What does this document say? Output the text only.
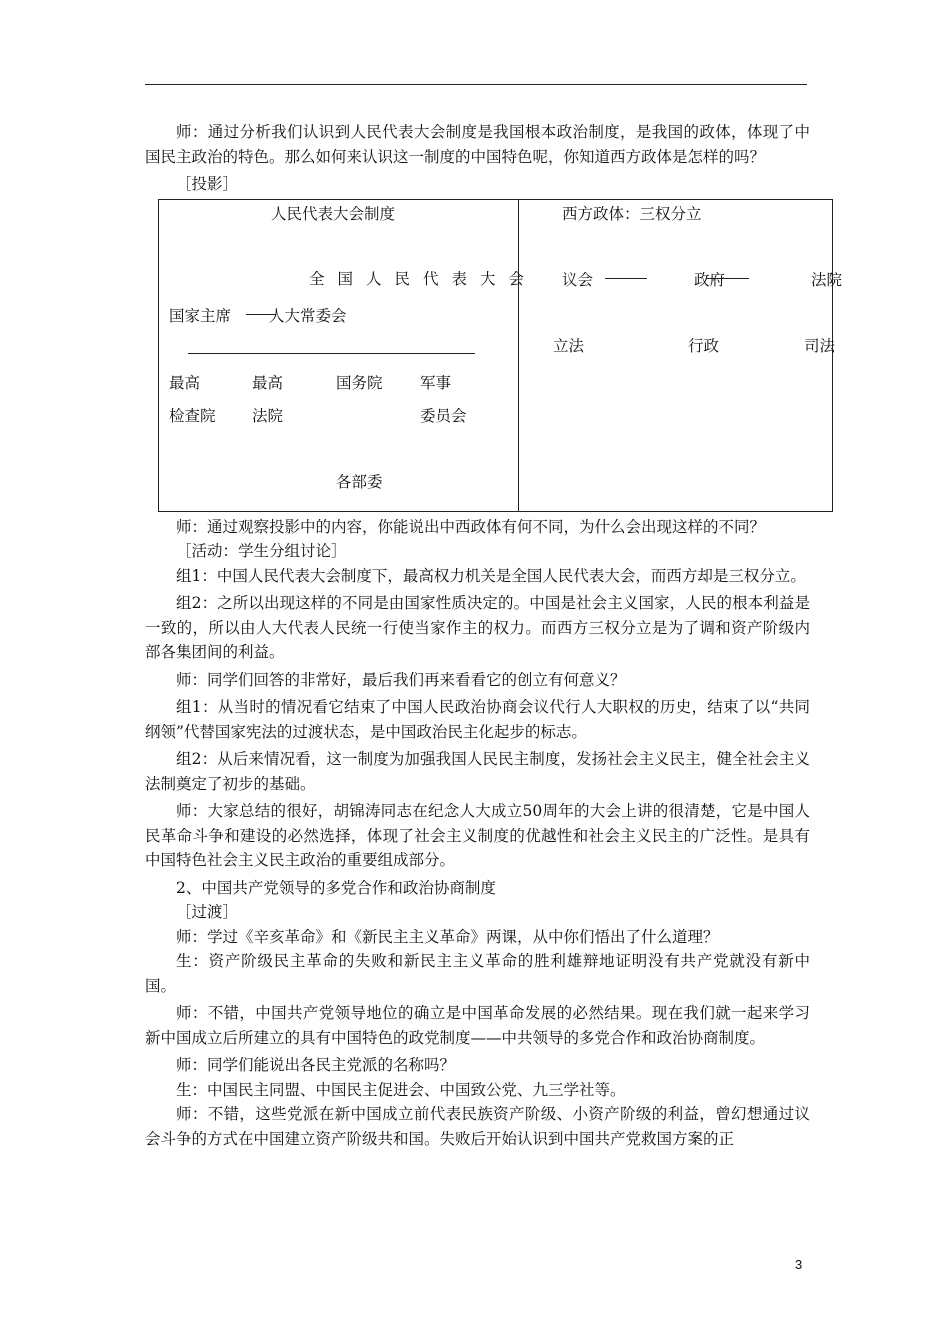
师：通过分析我们认识到人民代表大会制度是我国根本政治制度，是我国的政体，体现了中国民主政治的特色。那么如何来认识这一制度的中国特色呢，你知道西方政体是怎样的吗？

［投影］

人民代表大会制度
全国人民代表大会
国家主席 人大常委会
最高
检查院
最高
法院
国务院 军事
委员会
各部委
西方政体：三权分立
议会	政府	法院
立法	行政	司法

师：通过观察投影中的内容，你能说出中西政体有何不同，为什么会出现这样的不同？

［活动：学生分组讨论］

组1：中国人民代表大会制度下，最高权力机关是全国人民代表大会，而西方却是三权分立。

组2：之所以出现这样的不同是由国家性质决定的。中国是社会主义国家，人民的根本利益是一致的，所以由人大代表人民统一行使当家作主的权力。而西方三权分立是为了调和资产阶级内部各集团间的利益。

师：同学们回答的非常好，最后我们再来看看它的创立有何意义？

组1：从当时的情况看它结束了中国人民政治协商会议代行人大职权的历史，结束了以“共同纲领”代替国家宪法的过渡状态，是中国政治民主化起步的标志。

组2：从后来情况看，这一制度为加强我国人民民主制度，发扬社会主义民主，健全社会主义法制奠定了初步的基础。

师：大家总结的很好，胡锦涛同志在纪念人大成立50周年的大会上讲的很清楚，它是中国人民革命斗争和建设的必然选择，体现了社会主义制度的优越性和社会主义民主的广泛性。是具有中国特色社会主义民主政治的重要组成部分。

2、中国共产党领导的多党合作和政治协商制度

［过渡］

师：学过《辛亥革命》和《新民主主义革命》两课，从中你们悟出了什么道理？

生：资产阶级民主革命的失败和新民主主义革命的胜利雄辩地证明没有共产党就没有新中国。

师：不错，中国共产党领导地位的确立是中国革命发展的必然结果。现在我们就一起来学习新中国成立后所建立的具有中国特色的政党制度——中共领导的多党合作和政治协商制度。

师：同学们能说出各民主党派的名称吗？

生：中国民主同盟、中国民主促进会、中国致公党、九三学社等。

师：不错，这些党派在新中国成立前代表民族资产阶级、小资产阶级的利益，曾幻想通过议会斗争的方式在中国建立资产阶级共和国。失败后开始认识到中国共产党救国方案的正

3
